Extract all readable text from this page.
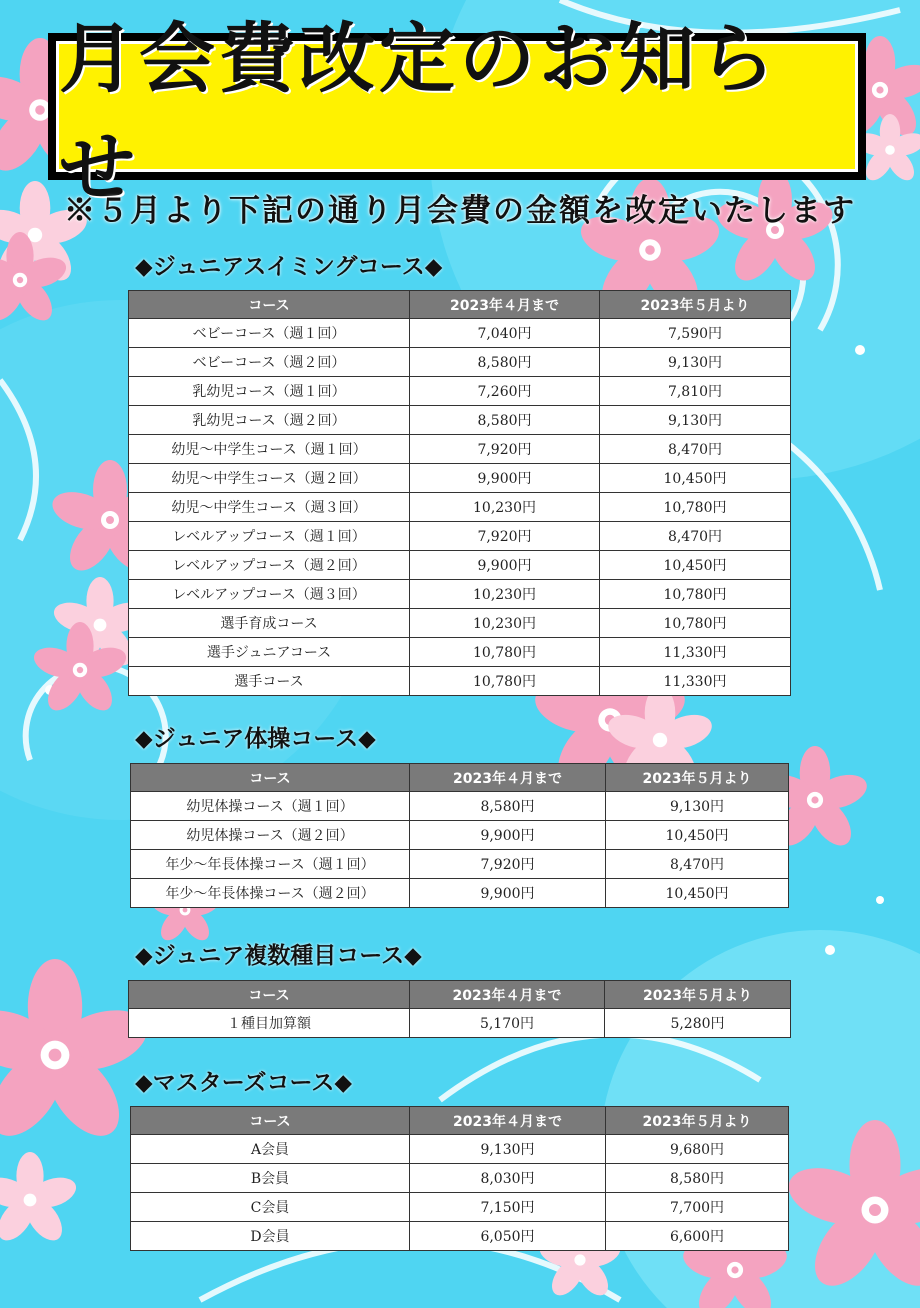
月会費改定のお知らせ
※５月より下記の通り月会費の金額を改定いたします
◆ジュニアスイミングコース◆
コース	2023年４月まで	2023年５月より
ベビーコース（週１回）	7,040円	7,590円
ベビーコース（週２回）	8,580円	9,130円
乳幼児コース（週１回）	7,260円	7,810円
乳幼児コース（週２回）	8,580円	9,130円
幼児～中学生コース（週１回）	7,920円	8,470円
幼児～中学生コース（週２回）	9,900円	10,450円
幼児～中学生コース（週３回）	10,230円	10,780円
レベルアップコース（週１回）	7,920円	8,470円
レベルアップコース（週２回）	9,900円	10,450円
レベルアップコース（週３回）	10,230円	10,780円
選手育成コース	10,230円	10,780円
選手ジュニアコース	10,780円	11,330円
選手コース	10,780円	11,330円
◆ジュニア体操コース◆
コース	2023年４月まで	2023年５月より
幼児体操コース（週１回）	8,580円	9,130円
幼児体操コース（週２回）	9,900円	10,450円
年少～年長体操コース（週１回）	7,920円	8,470円
年少～年長体操コース（週２回）	9,900円	10,450円
◆ジュニア複数種目コース◆
コース	2023年４月まで	2023年５月より
１種目加算額	5,170円	5,280円
◆マスターズコース◆
コース	2023年４月まで	2023年５月より
A会員	9,130円	9,680円
B会員	8,030円	8,580円
C会員	7,150円	7,700円
D会員	6,050円	6,600円
